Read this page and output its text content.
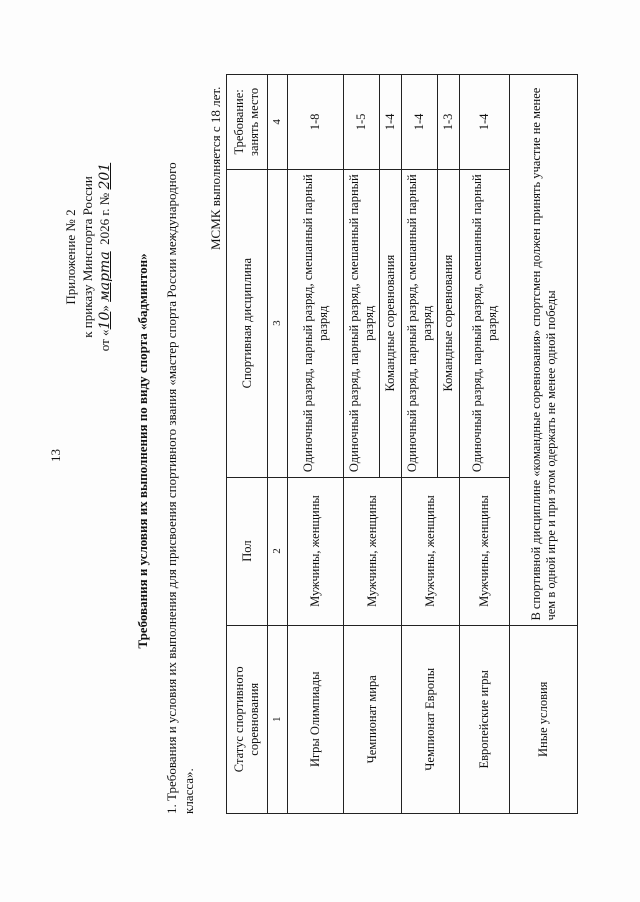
13
Приложение № 2 к приказу Минспорта России
от «10» марта  2026 г. № 201
Требования и условия их выполнения по виду спорта «бадминтон» 1. Требования и условия их выполнения для присвоения спортивного звания «мастер спорта России международного класса».
МСМК выполняется с 18 лет.
Статус спортивного соревнования	Пол	Спортивная дисциплина	Требование: занять место
1	2	3	4
Игры Олимпиады	Мужчины, женщины	Одиночный разряд, парный разряд, смешанный парный разряд	1-8
Чемпионат мира	Мужчины, женщины	Одиночный разряд, парный разряд, смешанный парный разряд	1-5
		Командные соревнования	1-4
Чемпионат Европы	Мужчины, женщины	Одиночный разряд, парный разряд, смешанный парный разряд	1-4
		Командные соревнования	1-3
Европейские игры	Мужчины, женщины	Одиночный разряд, парный разряд, смешанный парный разряд	1-4
Иные условия	В спортивной дисциплине «командные соревнования» спортсмен должен принять участие не менее чем в одной игре и при этом одержать не менее одной победы		
